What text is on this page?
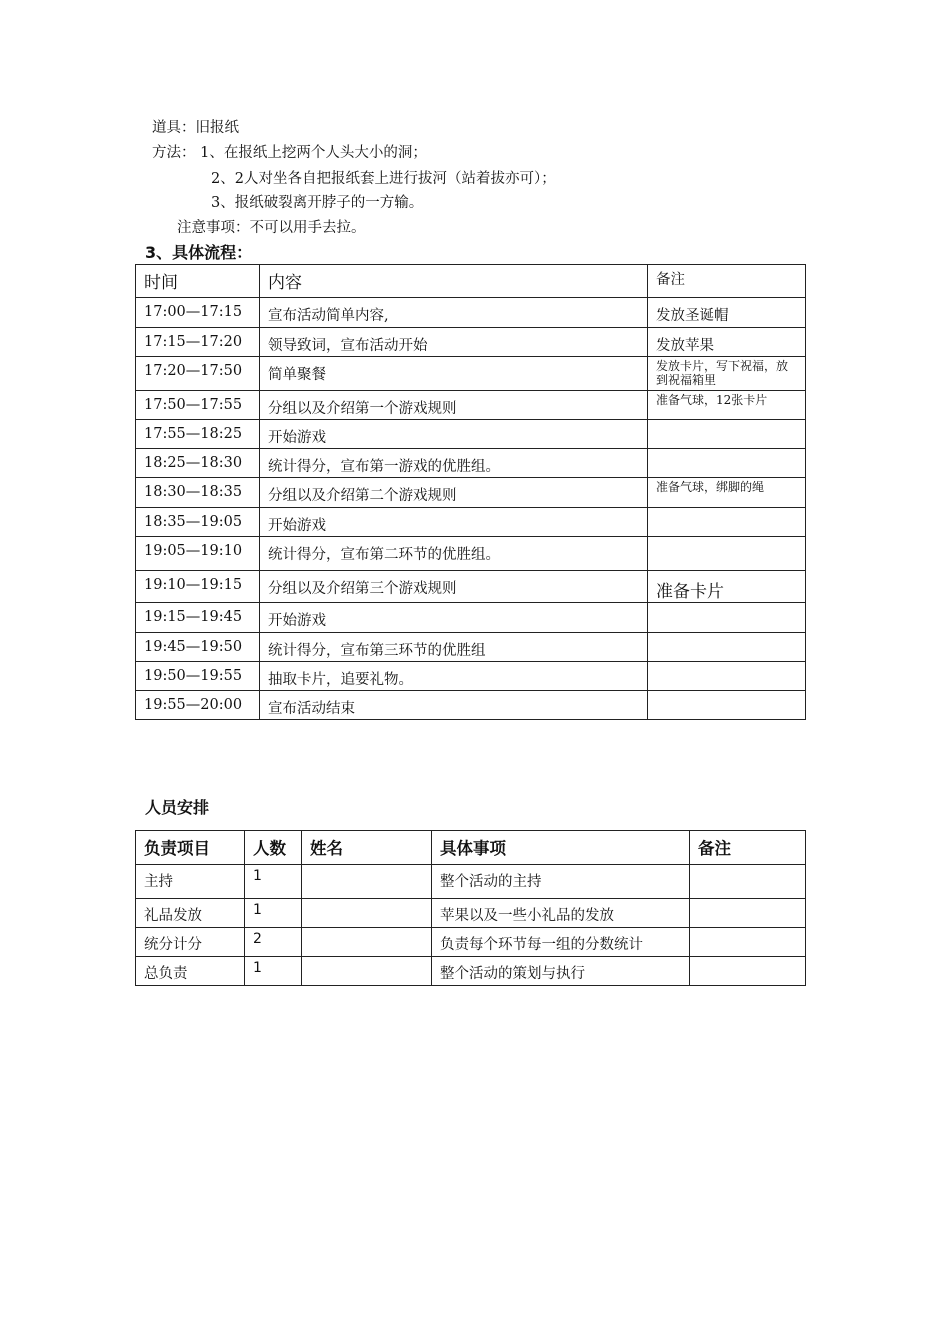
道具：旧报纸
方法： 1、在报纸上挖两个人头大小的洞；
2、2人对坐各自把报纸套上进行拔河（站着拔亦可）；
3、报纸破裂离开脖子的一方输。
注意事项：不可以用手去拉。
3、具体流程：
时间	内容	备注
17:00—17:15	宣布活动简单内容,	发放圣诞帽
17:15—17:20	领导致词，宣布活动开始	发放苹果
17:20—17:50	简单聚餐	发放卡片，写下祝福，放到祝福箱里
17:50—17:55	分组以及介绍第一个游戏规则	准备气球，12张卡片
17:55—18:25	开始游戏	
18:25—18:30	统计得分，宣布第一游戏的优胜组。	
18:30—18:35	分组以及介绍第二个游戏规则	准备气球，绑脚的绳
18:35—19:05	开始游戏	
19:05—19:10	统计得分，宣布第二环节的优胜组。	
19:10—19:15	分组以及介绍第三个游戏规则	准备卡片
19:15—19:45	开始游戏	
19:45—19:50	统计得分，宣布第三环节的优胜组	
19:50—19:55	抽取卡片，追要礼物。	
19:55—20:00	宣布活动结束	
人员安排
负责项目	人数	姓名	具体事项	备注
主持	1		整个活动的主持	
礼品发放	1		苹果以及一些小礼品的发放	
统分计分	2		负责每个环节每一组的分数统计	
总负责	1		整个活动的策划与执行	
